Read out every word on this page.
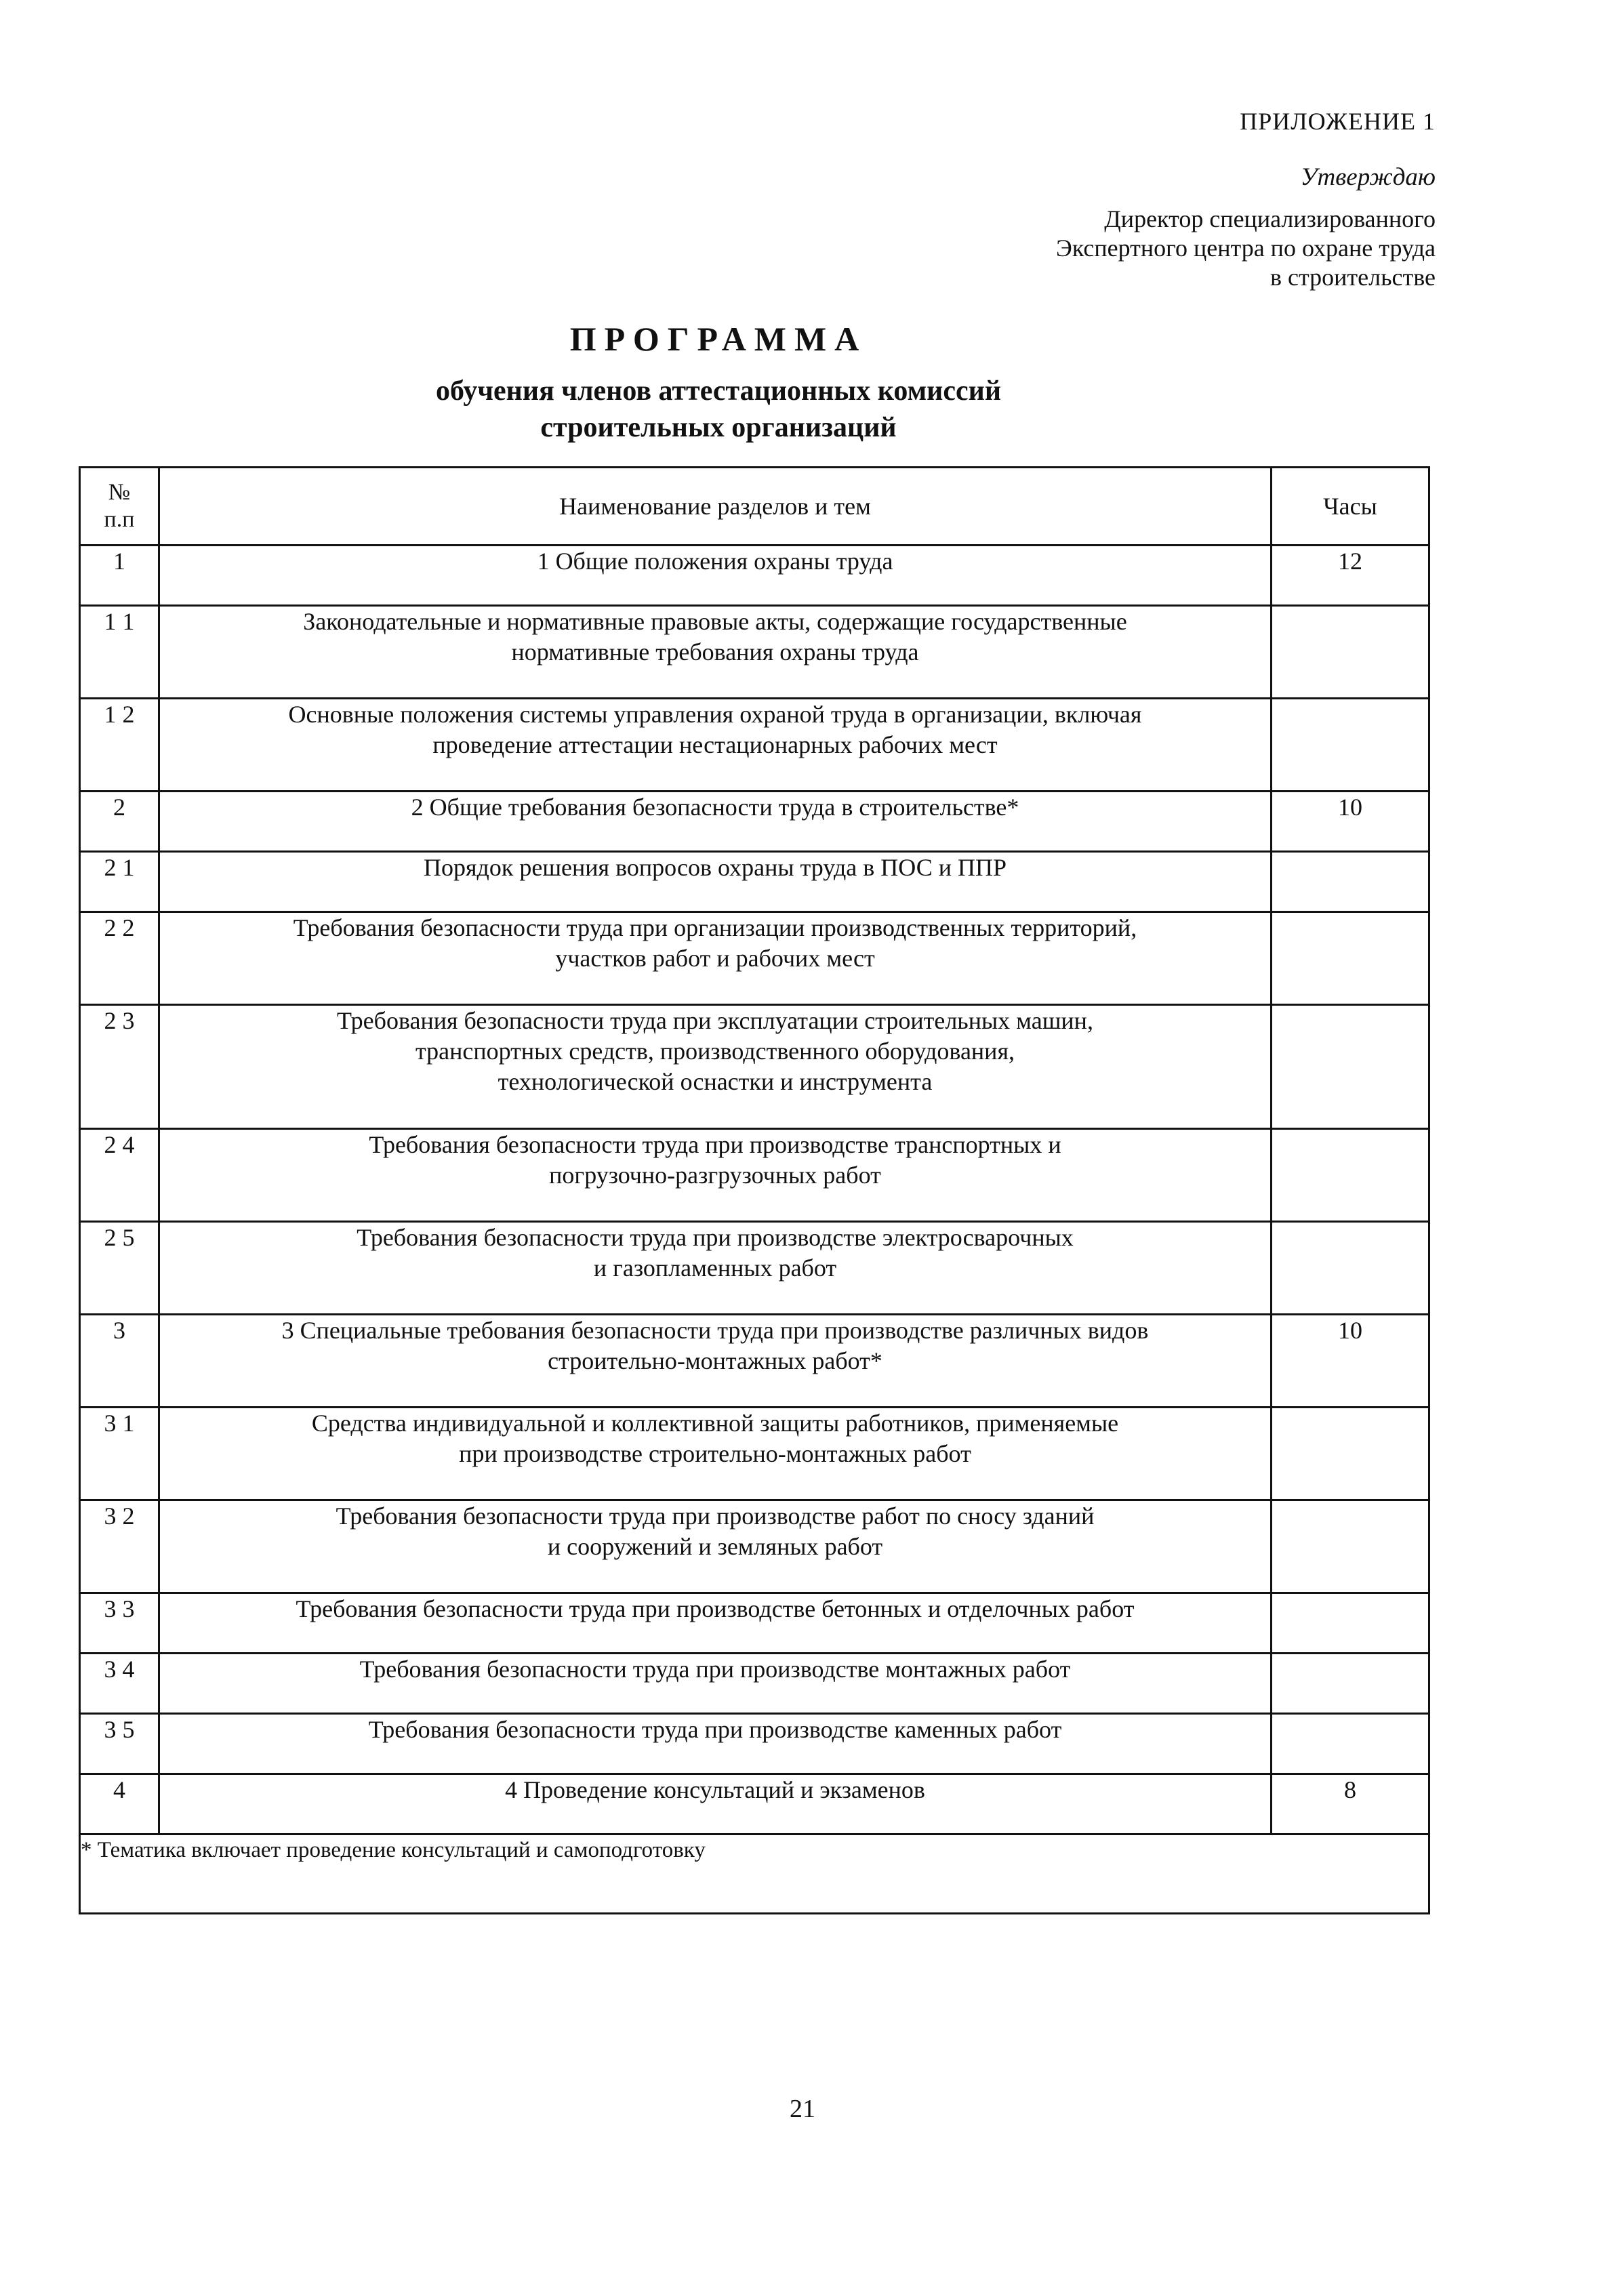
ПРИЛОЖЕНИЕ 1
Утверждаю
Директор специализированного
Экспертного центра по охране труда
в строительстве
ПРОГРАММА
обучения членов аттестационных комиссий
строительных организаций
№
п.п	Наименование разделов и тем	Часы
1	1 Общие положения охраны труда	12
1 1	Законодательные и нормативные правовые акты, содержащие государственные
нормативные требования охраны труда	

1 2	Основные положения системы управления охраной труда в организации, включая
проведение аттестации нестационарных рабочих мест	

2	2 Общие требования безопасности труда в строительстве*	10
2 1	Порядок решения вопросов охраны труда в ПОС и ППР	

2 2	Требования безопасности труда при организации производственных территорий,
участков работ и рабочих мест	

2 3	Требования безопасности труда при эксплуатации строительных машин,
транспортных средств, производственного оборудования,
технологической оснастки и инструмента	

2 4	Требования безопасности труда при производстве транспортных и
погрузочно-разгрузочных работ	

2 5	Требования безопасности труда при производстве электросварочных
и газопламенных работ	

3	3 Специальные требования безопасности труда при производстве различных видов
строительно-монтажных работ*	10
3 1	Средства индивидуальной и коллективной защиты работников, применяемые
при производстве строительно-монтажных работ	

3 2	Требования безопасности труда при производстве работ по сносу зданий
и сооружений и земляных работ	

3 3	Требования безопасности труда при производстве бетонных и отделочных работ	

3 4	Требования безопасности труда при производстве монтажных работ	

3 5	Требования безопасности труда при производстве каменных работ	

4	4 Проведение консультаций и экзаменов	8
* Тематика включает проведение консультаций и самоподготовку		
21
